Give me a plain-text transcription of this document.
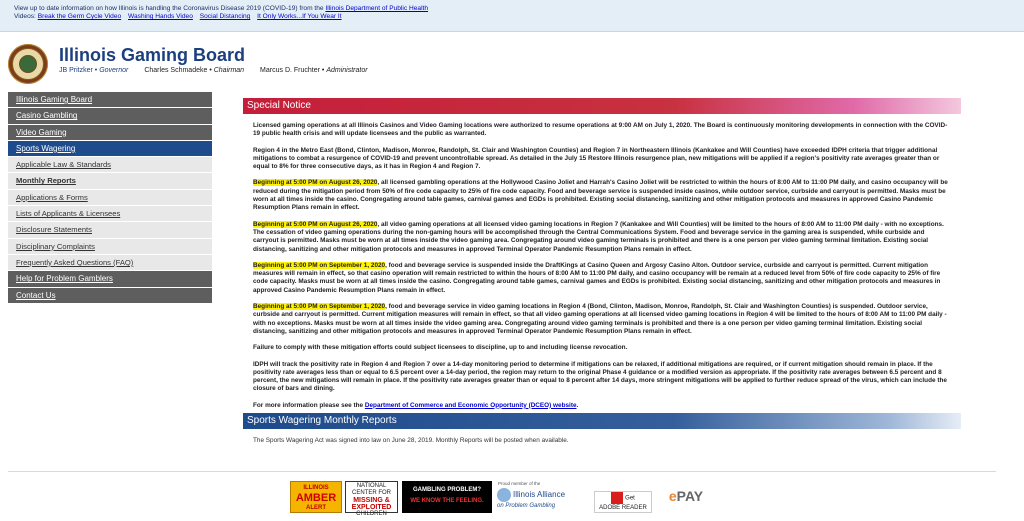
View up to date information on how Illinois is handling the Coronavirus Disease 2019 (COVID-19) from the Illinois Department of Public Health
Videos: Break the Germ Cycle Video Washing Hands Video Social Distancing It Only Works...If You Wear It
Illinois Gaming Board
JB Pritzker • Governor Charles Schmadeke • Chairman Marcus D. Fruchter • Administrator
Illinois Gaming Board
Casino Gambling
Video Gaming
Sports Wagering
Applicable Law & Standards
Monthly Reports
Applications & Forms
Lists of Applicants & Licensees
Disclosure Statements
Disciplinary Complaints
Frequently Asked Questions (FAQ)
Help for Problem Gamblers
Contact Us
Special Notice

Licensed gaming operations at all Illinois Casinos and Video Gaming locations were authorized to resume operations at 9:00 AM on July 1, 2020. The Board is continuously monitoring developments in connection with the COVID-19 public health crisis and will update licensees and the public as warranted.

Region 4 in the Metro East (Bond, Clinton, Madison, Monroe, Randolph, St. Clair and Washington Counties) and Region 7 in Northeastern Illinois (Kankakee and Will Counties) have exceeded IDPH criteria that trigger additional mitigations to combat a resurgence of COVID-19 and prevent uncontrollable spread. As detailed in the July 15 Restore Illinois resurgence plan, new mitigations will be applied if a region's positivity rate averages greater than or equal to 8% for three consecutive days, as it has in Region 4 and Region 7.

Beginning at 5:00 PM on August 26, 2020, all licensed gambling operations at the Hollywood Casino Joliet and Harrah's Casino Joliet will be restricted to within the hours of 8:00 AM to 11:00 PM daily, and casino occupancy will be reduced during the mitigation period from 50% of fire code capacity to 25% of fire code capacity. Food and beverage service is suspended inside casinos, while outdoor service, curbside and carryout is permitted. Masks must be worn at all times inside the casino. Congregating around table games, carnival games and EGDs is prohibited. Existing social distancing, sanitizing and other mitigation protocols and measures in approved Casino Pandemic Resumption Plans remain in effect.

Beginning at 5:00 PM on August 26, 2020, all video gaming operations at all licensed video gaming locations in Region 7 (Kankakee and Will Counties) will be limited to the hours of 8:00 AM to 11:00 PM daily - with no exceptions. The cessation of video gaming operations during the non-gaming hours will be accomplished through the Central Communications System. Food and beverage service in the gaming area is suspended, while curbside and carryout is permitted. Masks must be worn at all times inside the video gaming area. Congregating around video gaming terminals is prohibited and there is a one person per video gaming terminal limitation. Existing social distancing, sanitizing and other mitigation protocols and measures in approved Terminal Operator Pandemic Resumption Plans remain in effect.

Beginning at 5:00 PM on September 1, 2020, food and beverage service is suspended inside the DraftKings at Casino Queen and Argosy Casino Alton. Outdoor service, curbside and carryout is permitted. Current mitigation measures will remain in effect, so that casino operation will remain restricted to within the hours of 8:00 AM to 11:00 PM daily, and casino occupancy will be remain at a reduced level from 50% of fire code capacity to 25% of fire code capacity. Masks must be worn at all times inside the casino. Congregating around table games, carnival games and EGDs is prohibited. Existing social distancing, sanitizing and other mitigation protocols and measures in approved Casino Pandemic Resumption Plans remain in effect.

Beginning at 5:00 PM on September 1, 2020, food and beverage service in video gaming locations in Region 4 (Bond, Clinton, Madison, Monroe, Randolph, St. Clair and Washington Counties) is suspended. Outdoor service, curbside and carryout is permitted. Current mitigation measures will remain in effect, so that all video gaming operations at all licensed video gaming locations in Region 4 will be limited to the hours of 8:00 AM to 11:00 PM daily - with no exceptions. Masks must be worn at all times inside the video gaming area. Congregating around video gaming terminals is prohibited and there is a one person per video gaming terminal limitation. Existing social distancing, sanitizing and other mitigation protocols and measures in approved Terminal Operator Pandemic Resumption Plans remain in effect.

Failure to comply with these mitigation efforts could subject licensees to discipline, up to and including license revocation.

IDPH will track the positivity rate in Region 4 and Region 7 over a 14-day monitoring period to determine if mitigations can be relaxed, if additional mitigations are required, or if current mitigation should remain in place. If the positivity rate averages less than or equal to 6.5 percent over a 14-day period, the region may return to the original Phase 4 guidance or a modified version as appropriate. If the positivity rate averages between 6.5 percent and 8 percent, the new mitigations will remain in place. If the positivity rate averages greater than or equal to 8 percent after 14 days, more stringent mitigations will be applied to further reduce spread of the virus, which can include the closure of bars and dining.

For more information please see the Department of Commerce and Economic Opportunity (DCEO) website.

Sports Wagering Monthly Reports
The Sports Wagering Act was signed into law on June 28, 2019. Monthly Reports will be posted when available.
ILLINOIS
AMBER
ALERT
NATIONAL CENTER FOR
MISSING & EXPLOITED
CHILDREN
GAMBLING PROBLEM?
WE KNOW THE FEELING.
Proud member of the
Illinois Alliance
on Problem Gambling
Get
ADOBE READER
ePAY
